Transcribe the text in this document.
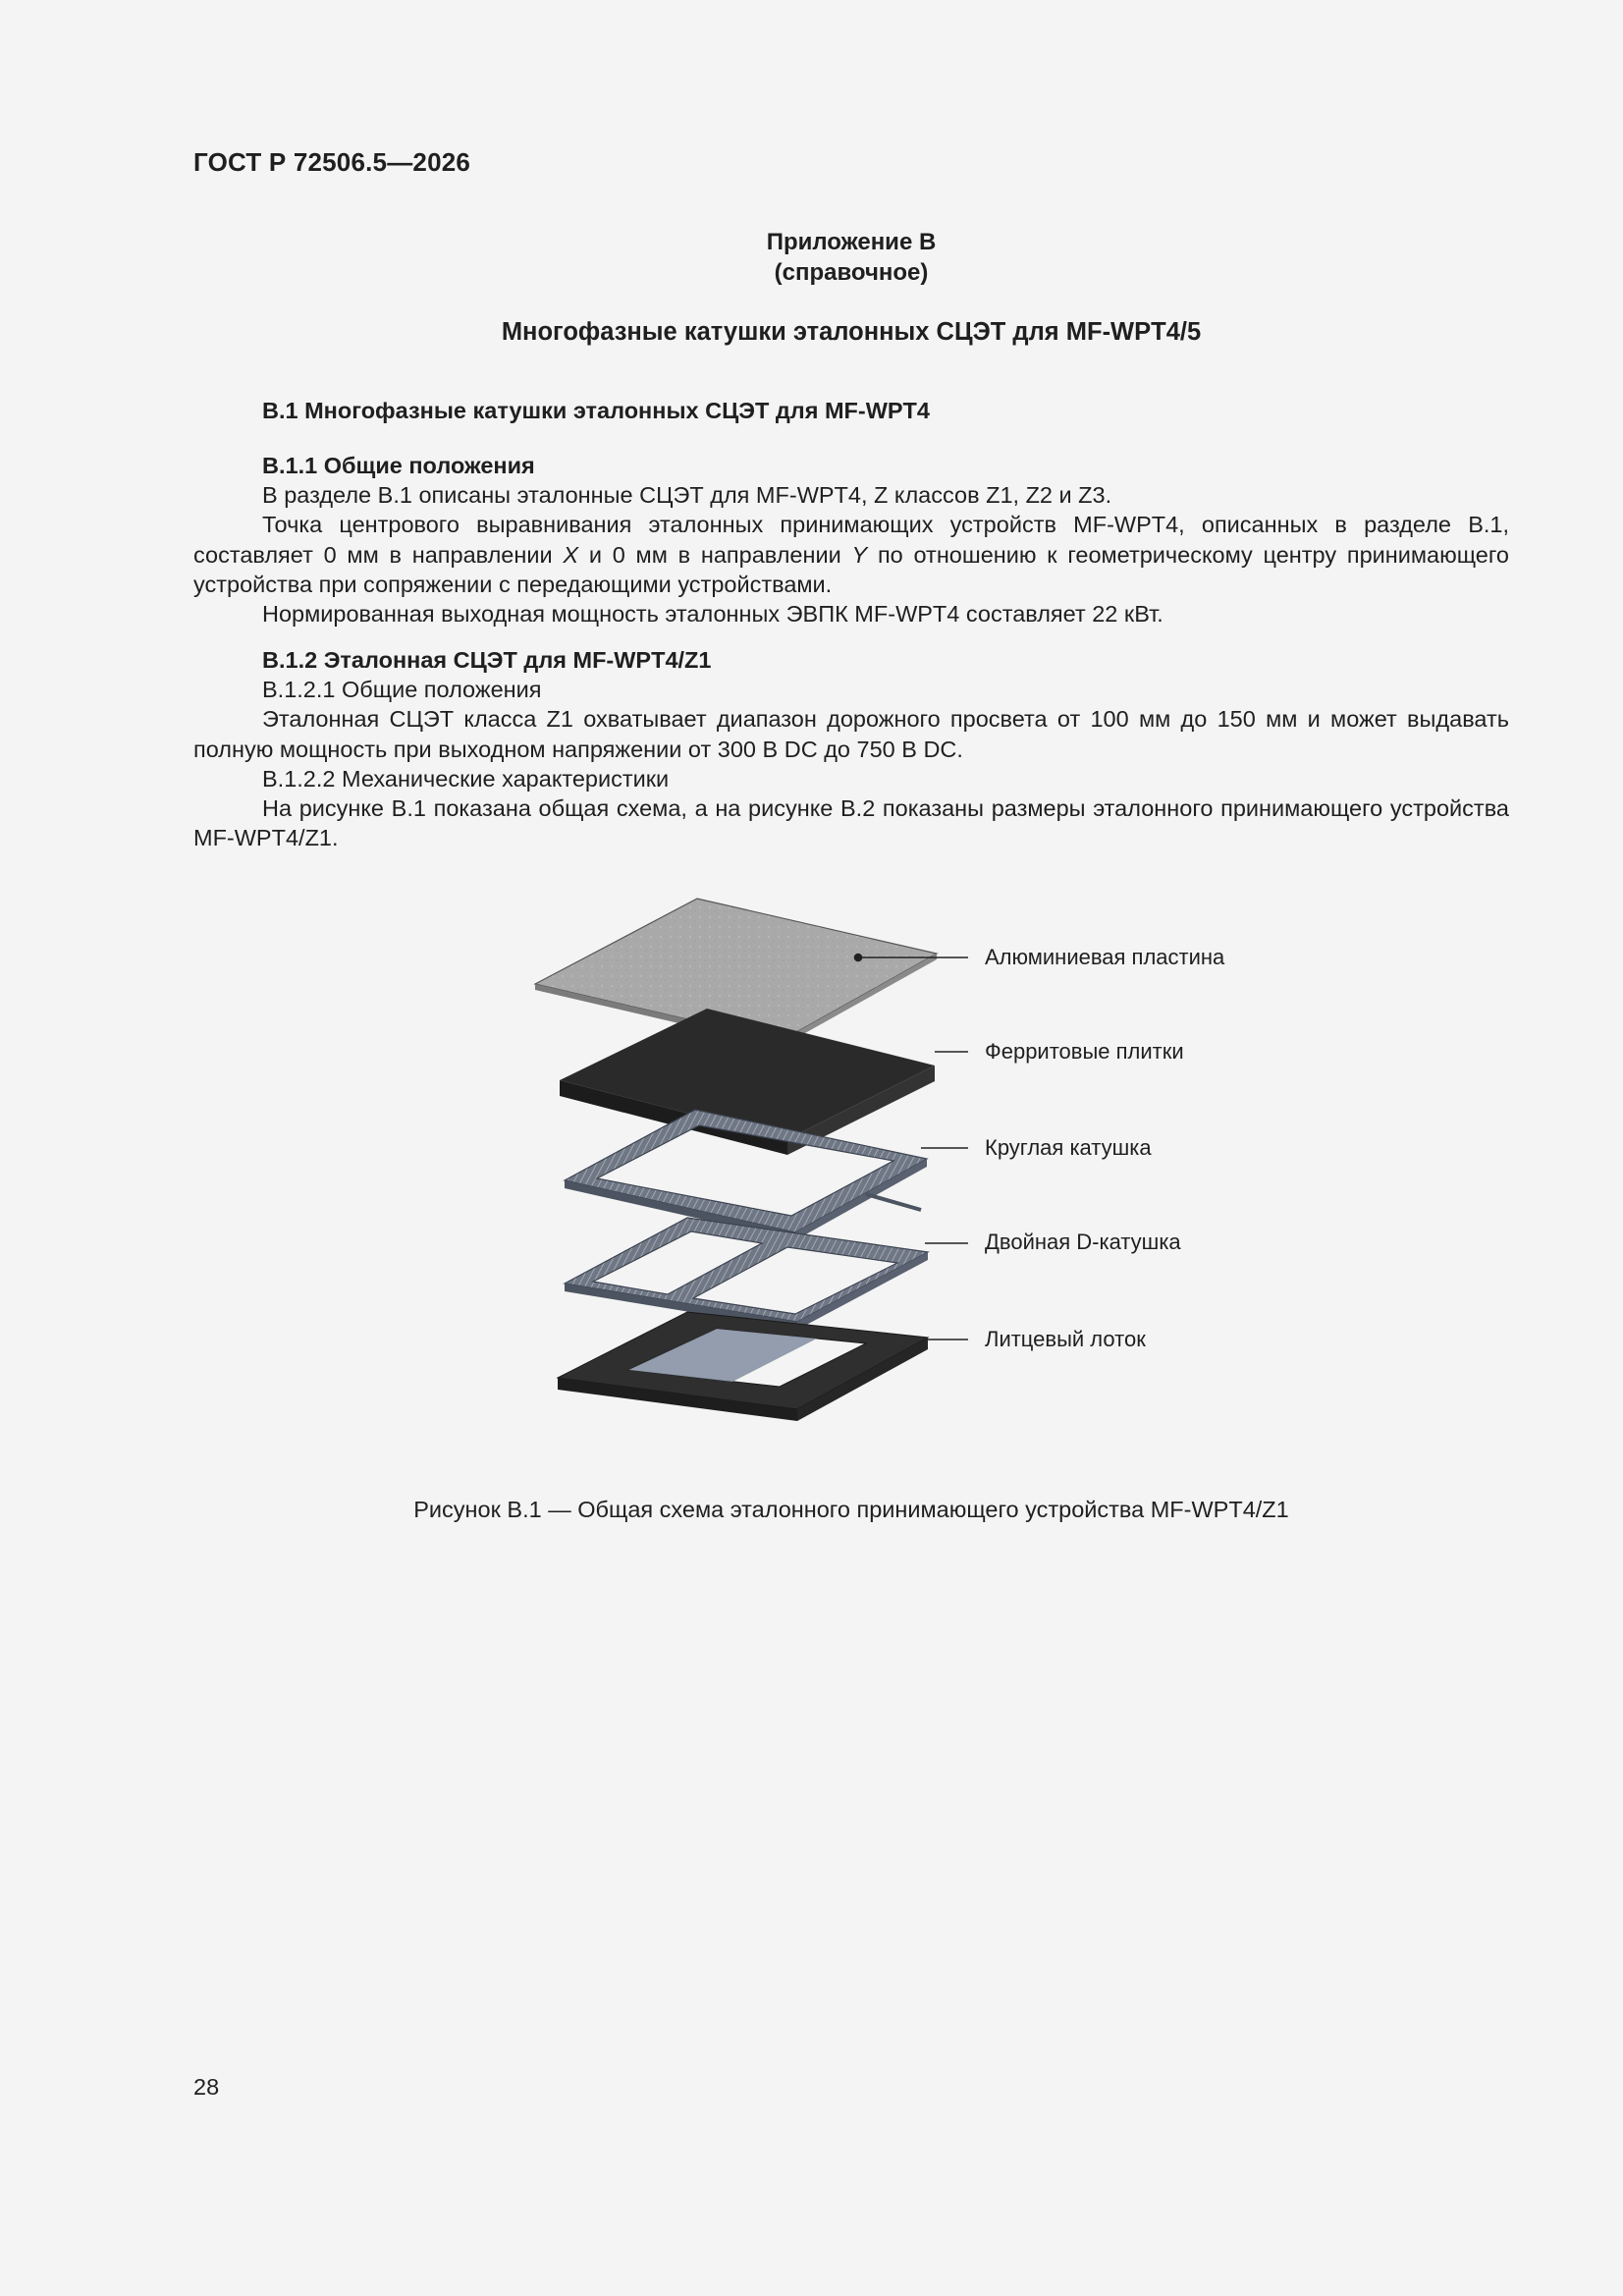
ГОСТ Р 72506.5—2026
Приложение В
(справочное)
Многофазные катушки эталонных СЦЭТ для MF-WPT4/5

В.1 Многофазные катушки эталонных СЦЭТ для MF-WPT4

В.1.1 Общие положения

В разделе В.1 описаны эталонные СЦЭТ для MF-WPT4, Z классов Z1, Z2 и Z3.

Точка центрового выравнивания эталонных принимающих устройств MF-WPT4, описанных в разделе В.1, составляет 0 мм в направлении X и 0 мм в направлении Y по отношению к геометрическому центру принимающего устройства при сопряжении с передающими устройствами.

Нормированная выходная мощность эталонных ЭВПК MF-WPT4 составляет 22 кВт.

В.1.2 Эталонная СЦЭТ для MF-WPT4/Z1

В.1.2.1 Общие положения

Эталонная СЦЭТ класса Z1 охватывает диапазон дорожного просвета от 100 мм до 150 мм и может выдавать полную мощность при выходном напряжении от 300 В DC до 750 В DC.

В.1.2.2 Механические характеристики

На рисунке В.1 показана общая схема, а на рисунке В.2 показаны размеры эталонного принимающего устройства MF-WPT4/Z1.

Алюминиевая пластина
Ферритовые плитки
Круглая катушка
Двойная D-катушка
Литцевый лоток
Рисунок В.1 — Общая схема эталонного принимающего устройства MF-WPT4/Z1
28
